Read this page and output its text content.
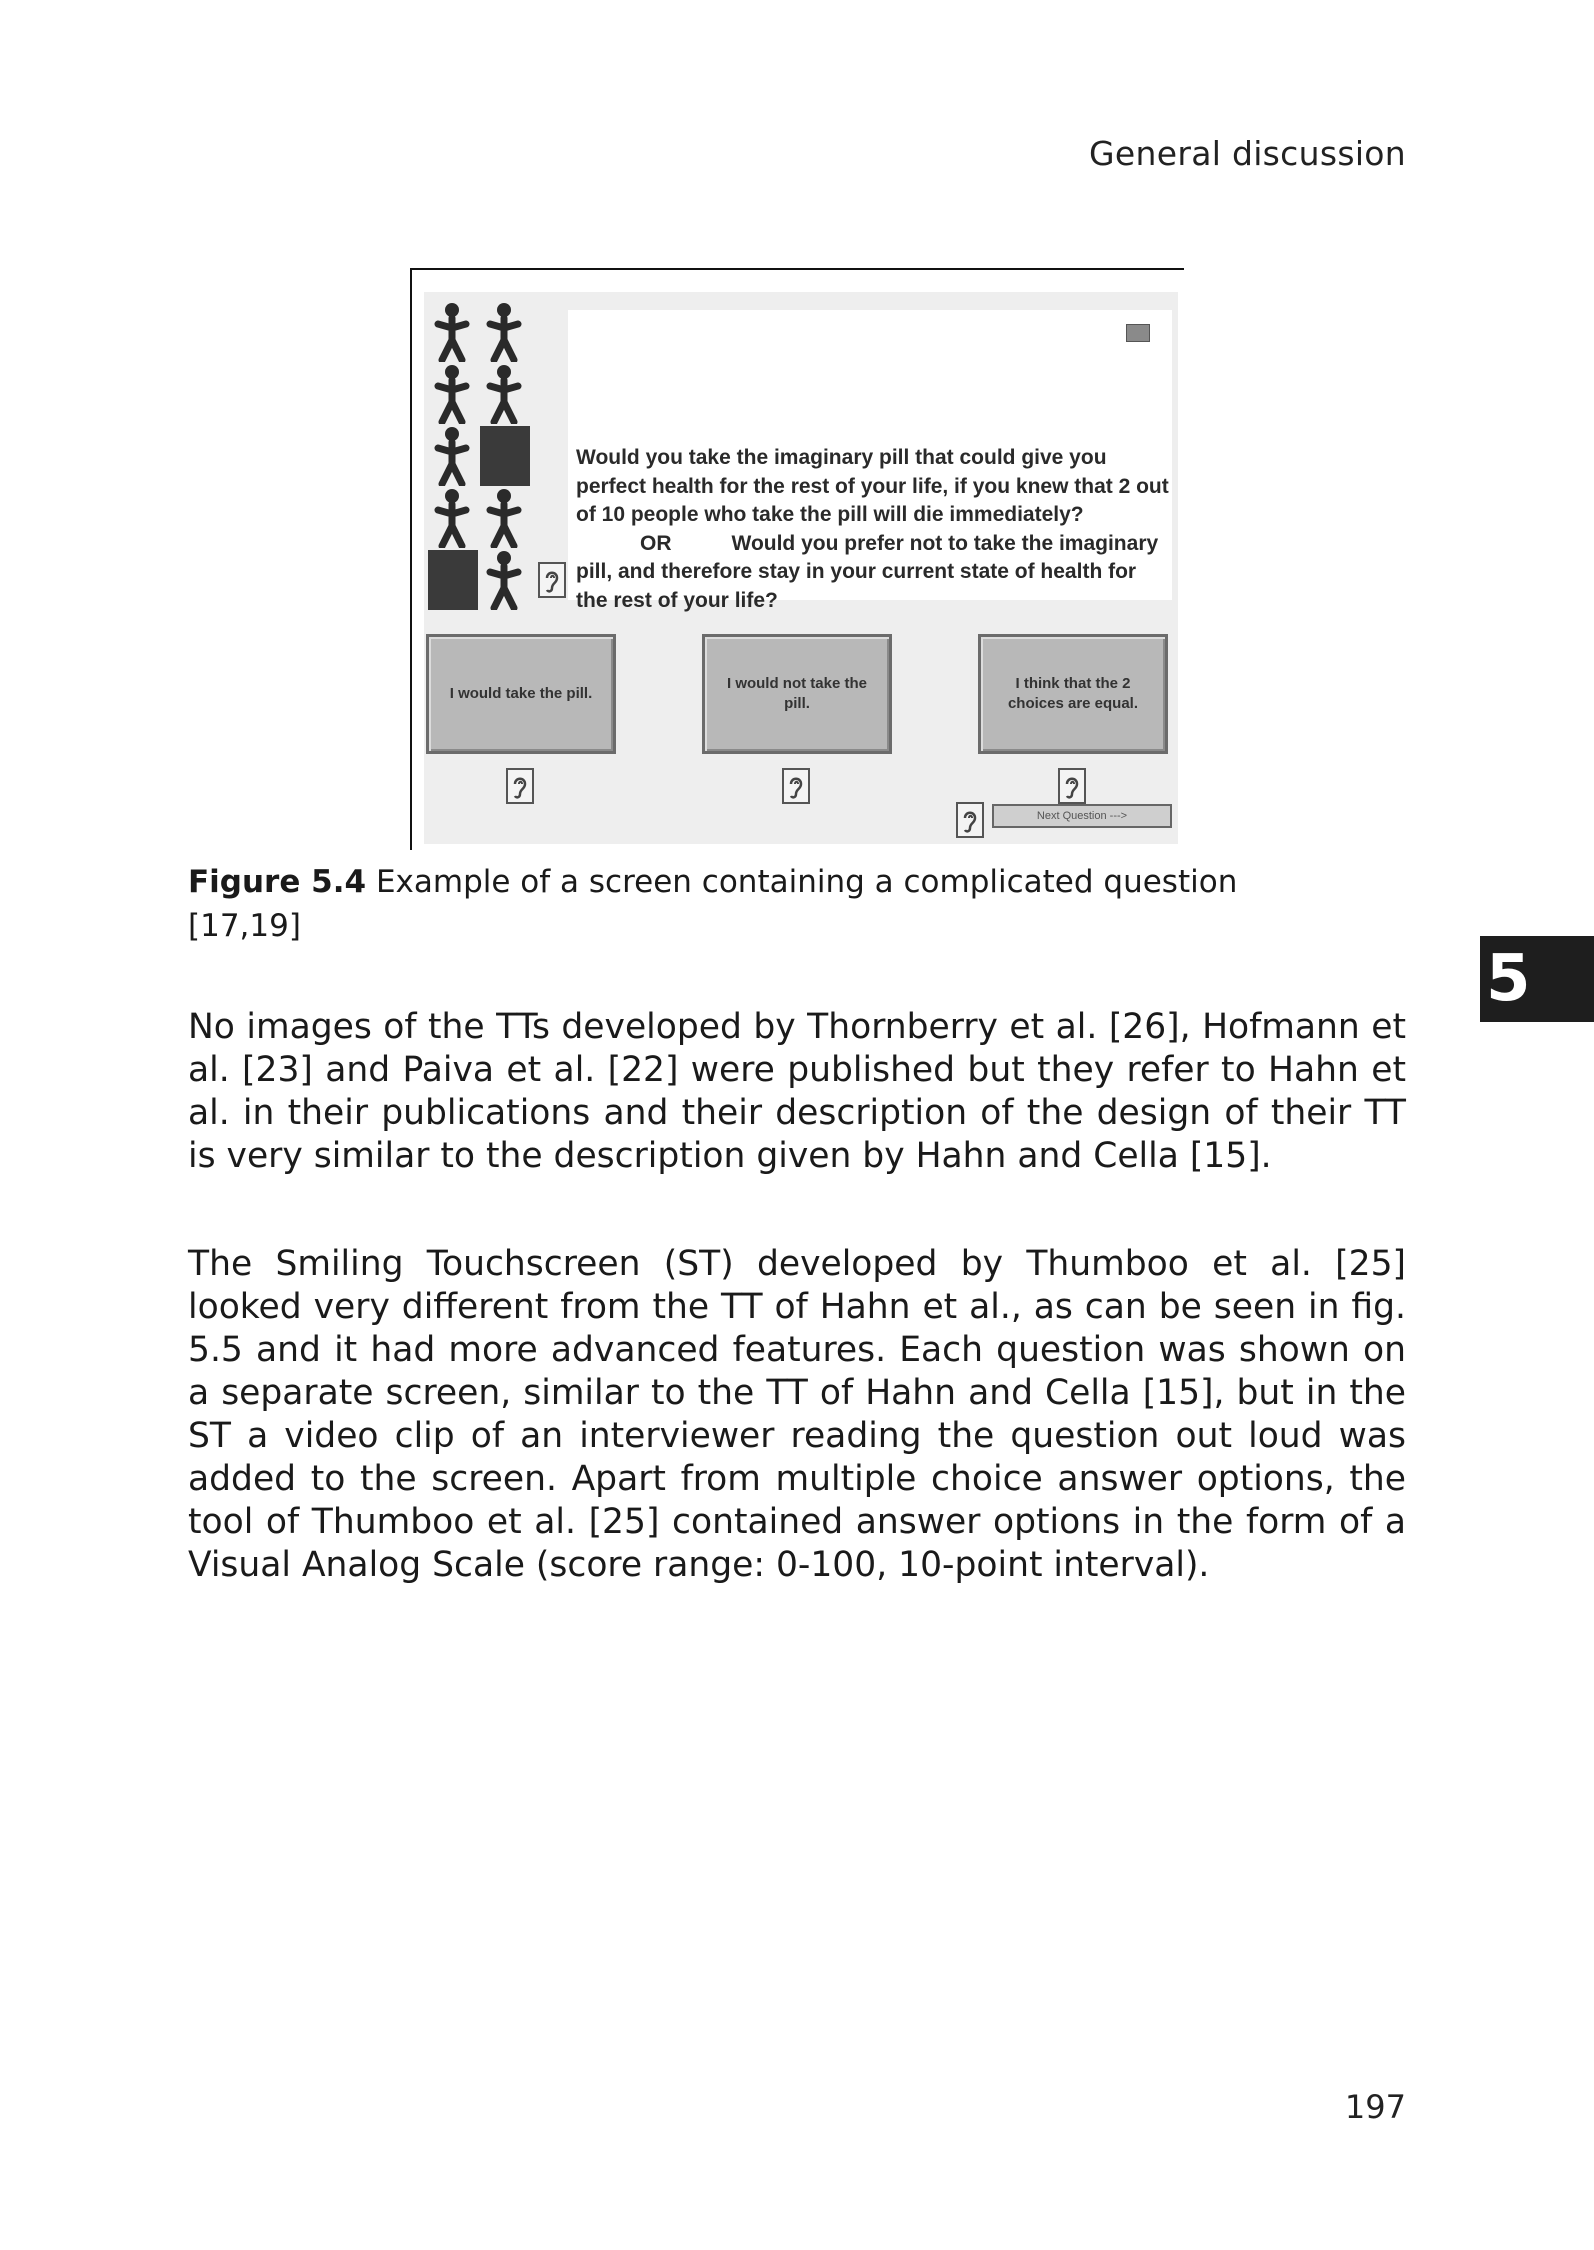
General discussion
Would you take the imaginary pill that could give you perfect health for the rest of your life, if you knew that 2 out of 10 people who take the pill will die immediately?OR	Would you prefer not to take the imaginary pill, and therefore stay in your current state of health for the rest of your life?
I would take the pill.
I would not take the pill.
I think that the 2 choices are equal.
Next Question --->
Figure 5.4 Example of a screen containing a complicated question
[17,19]
5

No images of the TTs developed by Thornberry et al. [26], Hofmann et al. [23] and Paiva et al. [22] were published but they refer to Hahn et al. in their publications and their description of the design of their TT is very similar to the description given by Hahn and Cella [15].

The Smiling Touchscreen (ST) developed by Thumboo et al. [25] looked very different from the TT of Hahn et al., as can be seen in fig. 5.5 and it had more advanced features. Each question was shown on a separate screen, similar to the TT of Hahn and Cella [15], but in the ST a video clip of an interviewer reading the question out loud was added to the screen. Apart from multiple choice answer options, the tool of Thumboo et al. [25] contained answer options in the form of a Visual Analog Scale (score range: 0-100, 10-point interval).

197
